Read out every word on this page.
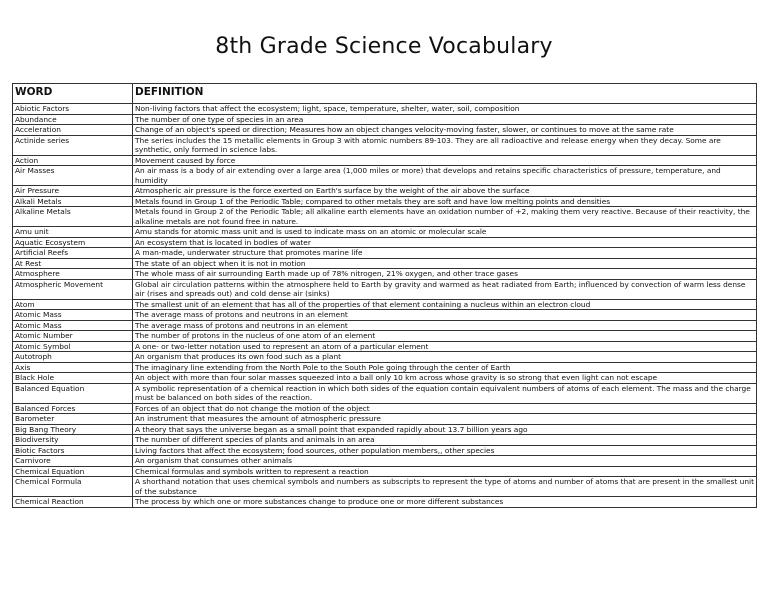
8th Grade Science Vocabulary
WORD	DEFINITION
Abiotic Factors	Non-living factors that affect the ecosystem; light, space, temperature, shelter, water, soil, composition
Abundance	The number of one type of species in an area
Acceleration	Change of an object's speed or direction; Measures how an object changes velocity-moving faster, slower, or continues to move at the same rate
Actinide series	The series includes the 15 metallic elements in Group 3 with atomic numbers 89-103. They are all radioactive and release energy when they decay. Some are synthetic, only formed in science labs.
Action	Movement caused by force
Air Masses	An air mass is a body of air extending over a large area (1,000 miles or more) that develops and retains specific characteristics of pressure, temperature, and humidity
Air Pressure	Atmospheric air pressure is the force exerted on Earth's surface by the weight of the air above the surface
Alkali Metals	Metals found in Group 1 of the Periodic Table; compared to other metals they are soft and have low melting points and densities
Alkaline Metals	Metals found in Group 2 of the Periodic Table; all alkaline earth elements have an oxidation number of +2, making them very reactive. Because of their reactivity, the alkaline metals are not found free in nature.
Amu unit	Amu stands for atomic mass unit and is used to indicate mass on an atomic or molecular scale
Aquatic Ecosystem	An ecosystem that is located in bodies of water
Artificial Reefs	A man-made, underwater structure that promotes marine life
At Rest	The state of an object when it is not in motion
Atmosphere	The whole mass of air surrounding Earth made up of 78% nitrogen, 21% oxygen, and other trace gases
Atmospheric Movement	Global air circulation patterns within the atmosphere held to Earth by gravity and warmed as heat radiated from Earth; influenced by convection of warm less dense air (rises and spreads out) and cold dense air (sinks)
Atom	The smallest unit of an element that has all of the properties of that element containing a nucleus within an electron cloud
Atomic Mass	The average mass of protons and neutrons in an element
Atomic Mass	The average mass of protons and neutrons in an element
Atomic Number	The number of protons in the nucleus of one atom of an element
Atomic Symbol	A one- or two-letter notation used to represent an atom of a particular element
Autotroph	An organism that produces its own food such as a plant
Axis	The imaginary line extending from the North Pole to the South Pole going through the center of Earth
Black Hole	An object with more than four solar masses squeezed into a ball only 10 km across whose gravity is so strong that even light can not escape
Balanced Equation	A symbolic representation of a chemical reaction in which both sides of the equation contain equivalent numbers of atoms of each element. The mass and the charge must be balanced on both sides of the reaction.
Balanced Forces	Forces of an object that do not change the motion of the object
Barometer	An instrument that measures the amount of atmospheric pressure
Big Bang Theory	A theory that says the universe began as a small point that expanded rapidly about 13.7 billion years ago
Biodiversity	The number of different species of plants and animals in an area
Biotic Factors	Living factors that affect the ecosystem; food sources, other population members,, other species
Carnivore	An organism that consumes other animals
Chemical Equation	Chemical formulas and symbols written to represent a reaction
Chemical Formula	A shorthand notation that uses chemical symbols and numbers as subscripts to represent the type of atoms and number of atoms that are present in the smallest unit of the substance
Chemical Reaction	The process by which one or more substances change to produce one or more different substances
